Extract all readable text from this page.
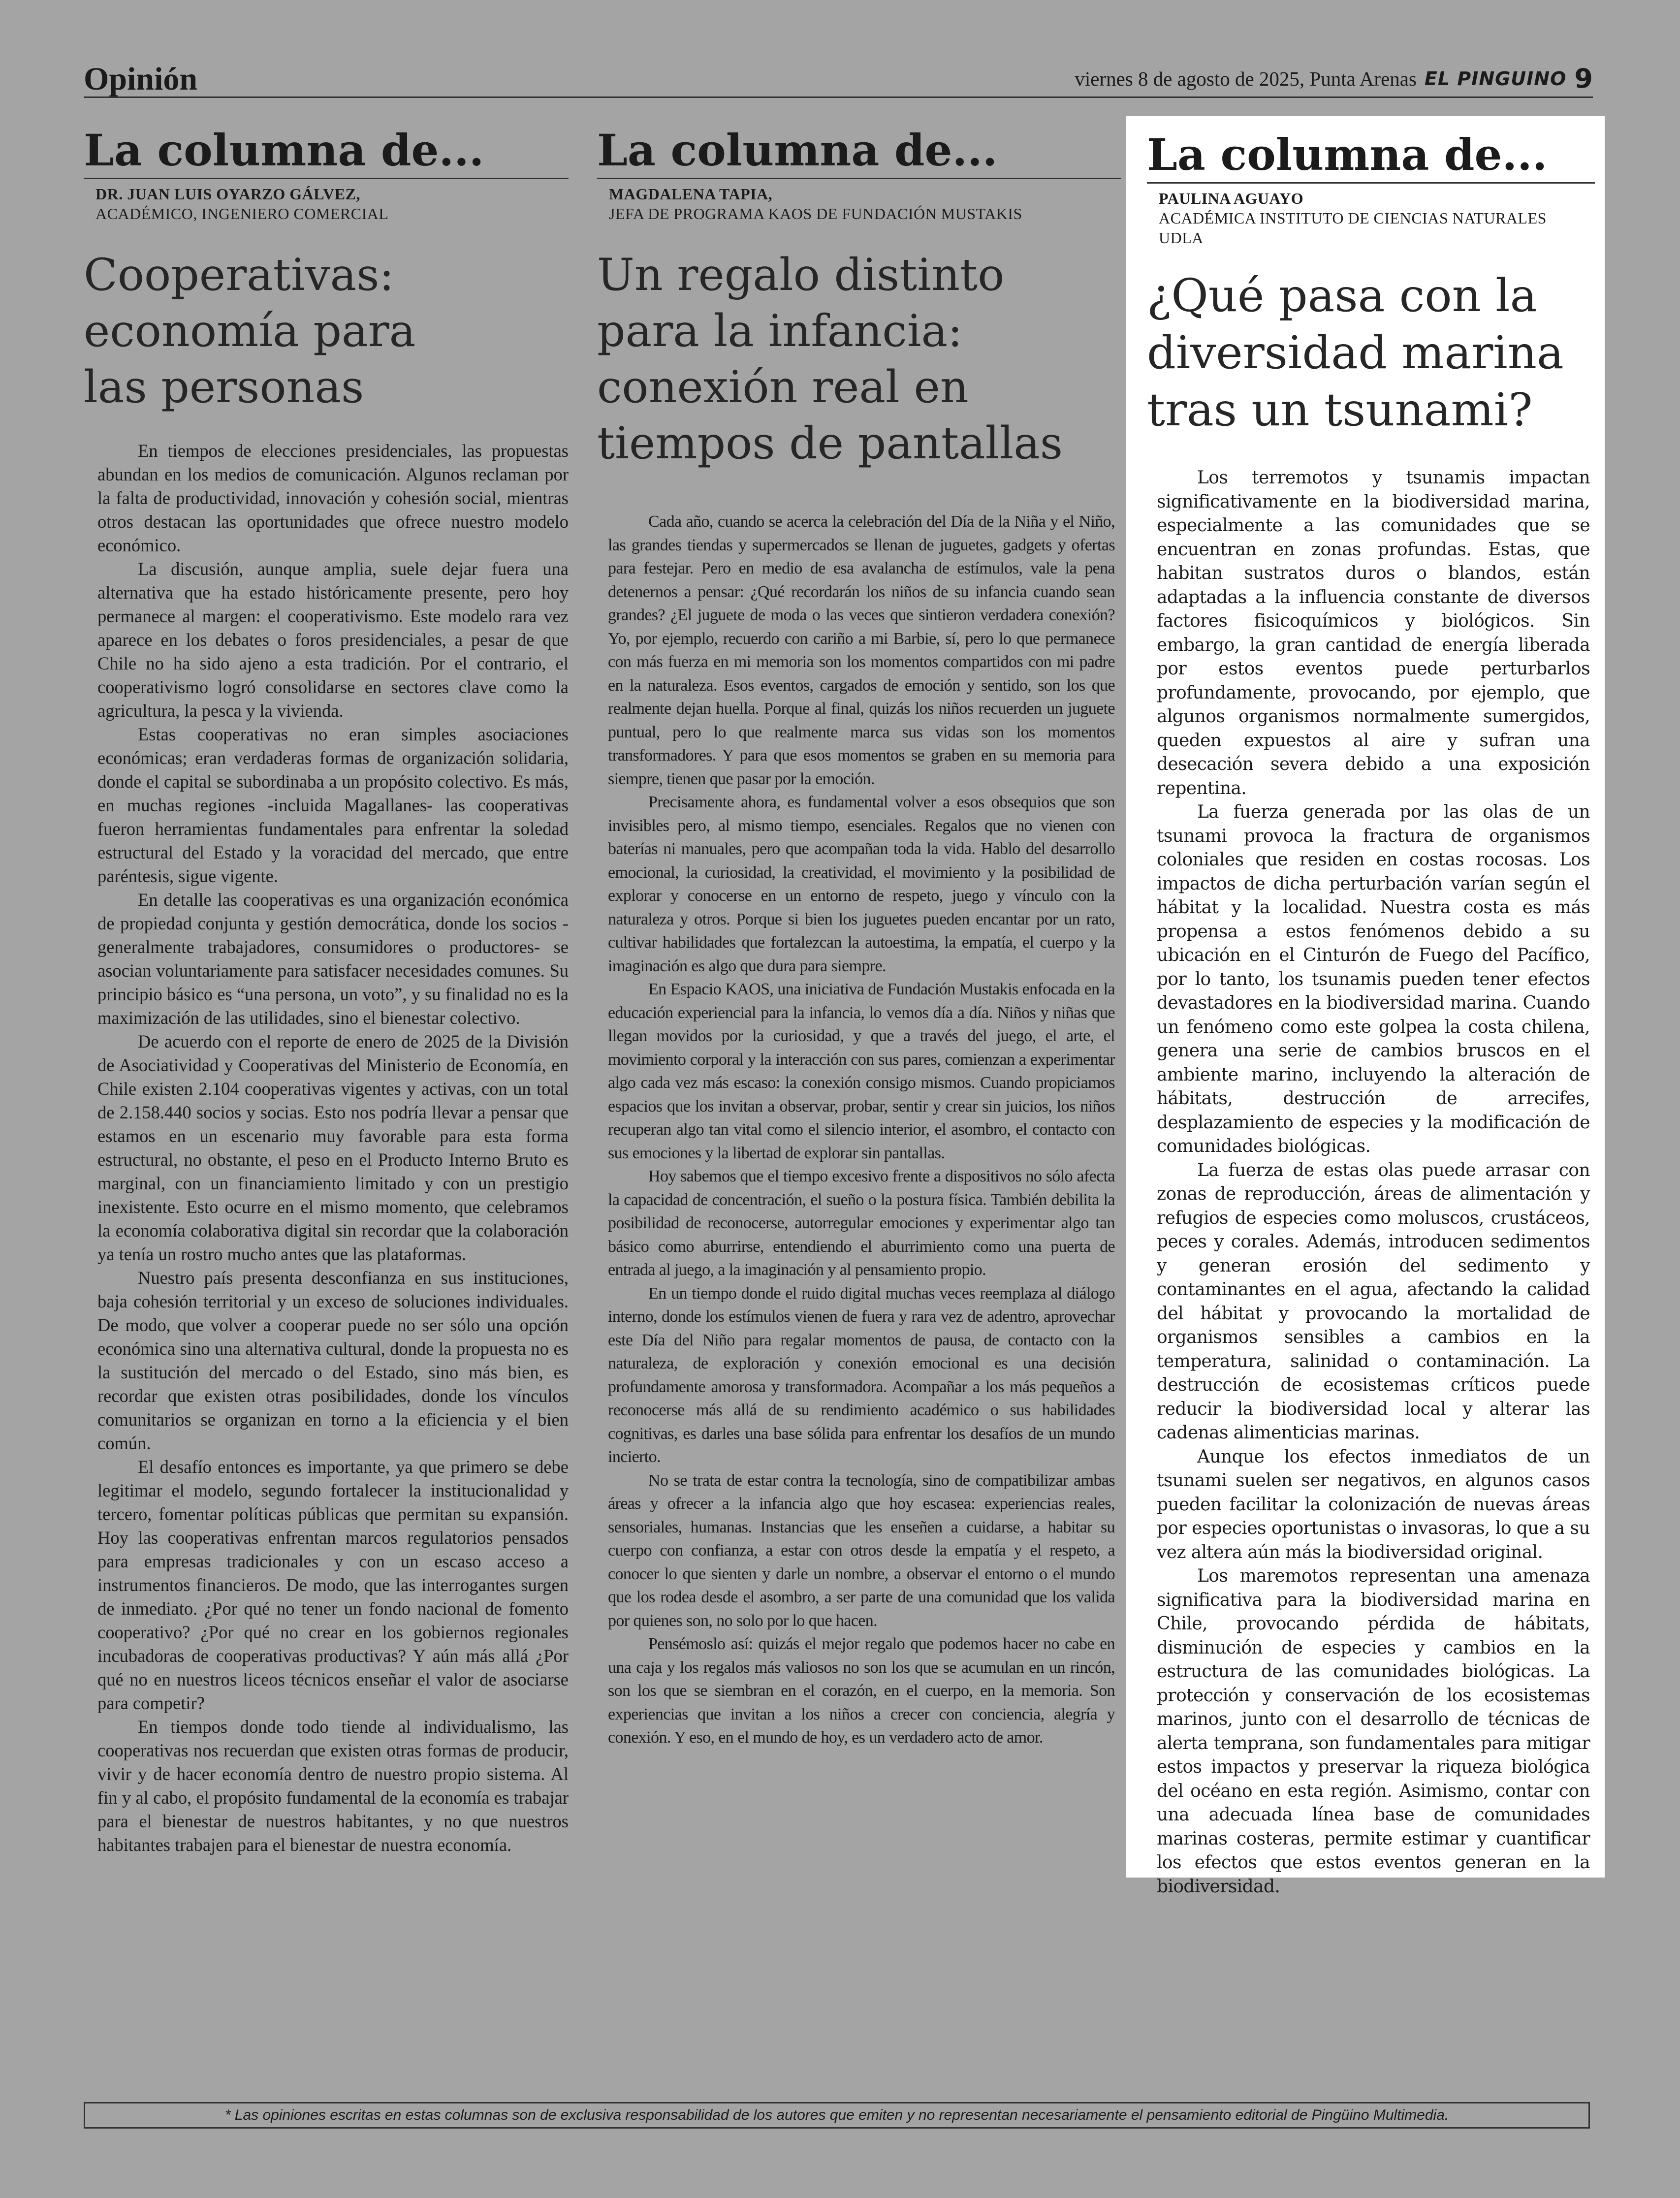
Opinión	viernes 8 de agosto de 2025, Punta Arenas EL PINGUINO 9
La columna de...
DR. JUAN LUIS OYARZO GÁLVEZ,
ACADÉMICO, INGENIERO COMERCIAL
Cooperativas: economía para las personas

En tiempos de elecciones presidenciales, las propuestas abundan en los medios de comunicación. Algunos reclaman por la falta de productividad, innovación y cohesión social, mientras otros destacan las oportunidades que ofrece nuestro modelo económico.

La discusión, aunque amplia, suele dejar fuera una alternativa que ha estado históricamente presente, pero hoy permanece al margen: el cooperativismo. Este modelo rara vez aparece en los debates o foros presidenciales, a pesar de que Chile no ha sido ajeno a esta tradición. Por el contrario, el cooperativismo logró consolidarse en sectores clave como la agricultura, la pesca y la vivienda.

Estas cooperativas no eran simples asociaciones económicas; eran verdaderas formas de organización solidaria, donde el capital se subordinaba a un propósito colectivo. Es más, en muchas regiones -incluida Magallanes- las cooperativas fueron herramientas fundamentales para enfrentar la soledad estructural del Estado y la voracidad del mercado, que entre paréntesis, sigue vigente.

En detalle las cooperativas es una organización económica de propiedad conjunta y gestión democrática, donde los socios -generalmente trabajadores, consumidores o productores- se asocian voluntariamente para satisfacer necesidades comunes. Su principio básico es “una persona, un voto”, y su finalidad no es la maximización de las utilidades, sino el bienestar colectivo.

De acuerdo con el reporte de enero de 2025 de la División de Asociatividad y Cooperativas del Ministerio de Economía, en Chile existen 2.104 cooperativas vigentes y activas, con un total de 2.158.440 socios y socias. Esto nos podría llevar a pensar que estamos en un escenario muy favorable para esta forma estructural, no obstante, el peso en el Producto Interno Bruto es marginal, con un financiamiento limitado y con un prestigio inexistente. Esto ocurre en el mismo momento, que celebramos la economía colaborativa digital sin recordar que la colaboración ya tenía un rostro mucho antes que las plataformas.

Nuestro país presenta desconfianza en sus instituciones, baja cohesión territorial y un exceso de soluciones individuales. De modo, que volver a cooperar puede no ser sólo una opción económica sino una alternativa cultural, donde la propuesta no es la sustitución del mercado o del Estado, sino más bien, es recordar que existen otras posibilidades, donde los vínculos comunitarios se organizan en torno a la eficiencia y el bien común.

El desafío entonces es importante, ya que primero se debe legitimar el modelo, segundo fortalecer la institucionalidad y tercero, fomentar políticas públicas que permitan su expansión. Hoy las cooperativas enfrentan marcos regulatorios pensados para empresas tradicionales y con un escaso acceso a instrumentos financieros. De modo, que las interrogantes surgen de inmediato. ¿Por qué no tener un fondo nacional de fomento cooperativo? ¿Por qué no crear en los gobiernos regionales incubadoras de cooperativas productivas? Y aún más allá ¿Por qué no en nuestros liceos técnicos enseñar el valor de asociarse para competir?

En tiempos donde todo tiende al individualismo, las cooperativas nos recuerdan que existen otras formas de producir, vivir y de hacer economía dentro de nuestro propio sistema. Al fin y al cabo, el propósito fundamental de la economía es trabajar para el bienestar de nuestros habitantes, y no que nuestros habitantes trabajen para el bienestar de nuestra economía.

La columna de...
MAGDALENA TAPIA,
JEFA DE PROGRAMA KAOS DE FUNDACIÓN MUSTAKIS
Un regalo distinto para la infancia: conexión real en tiempos de pantallas

Cada año, cuando se acerca la celebración del Día de la Niña y el Niño, las grandes tiendas y supermercados se llenan de juguetes, gadgets y ofertas para festejar. Pero en medio de esa avalancha de estímulos, vale la pena detenernos a pensar: ¿Qué recordarán los niños de su infancia cuando sean grandes? ¿El juguete de moda o las veces que sintieron verdadera conexión? Yo, por ejemplo, recuerdo con cariño a mi Barbie, sí, pero lo que permanece con más fuerza en mi memoria son los momentos compartidos con mi padre en la naturaleza. Esos eventos, cargados de emoción y sentido, son los que realmente dejan huella. Porque al final, quizás los niños recuerden un juguete puntual, pero lo que realmente marca sus vidas son los momentos transformadores. Y para que esos momentos se graben en su memoria para siempre, tienen que pasar por la emoción.

Precisamente ahora, es fundamental volver a esos obsequios que son invisibles pero, al mismo tiempo, esenciales. Regalos que no vienen con baterías ni manuales, pero que acompañan toda la vida. Hablo del desarrollo emocional, la curiosidad, la creatividad, el movimiento y la posibilidad de explorar y conocerse en un entorno de respeto, juego y vínculo con la naturaleza y otros. Porque si bien los juguetes pueden encantar por un rato, cultivar habilidades que fortalezcan la autoestima, la empatía, el cuerpo y la imaginación es algo que dura para siempre.

En Espacio KAOS, una iniciativa de Fundación Mustakis enfocada en la educación experiencial para la infancia, lo vemos día a día. Niños y niñas que llegan movidos por la curiosidad, y que a través del juego, el arte, el movimiento corporal y la interacción con sus pares, comienzan a experimentar algo cada vez más escaso: la conexión consigo mismos. Cuando propiciamos espacios que los invitan a observar, probar, sentir y crear sin juicios, los niños recuperan algo tan vital como el silencio interior, el asombro, el contacto con sus emociones y la libertad de explorar sin pantallas.

Hoy sabemos que el tiempo excesivo frente a dispositivos no sólo afecta la capacidad de concentración, el sueño o la postura física. También debilita la posibilidad de reconocerse, autorregular emociones y experimentar algo tan básico como aburrirse, entendiendo el aburrimiento como una puerta de entrada al juego, a la imaginación y al pensamiento propio.

En un tiempo donde el ruido digital muchas veces reemplaza al diálogo interno, donde los estímulos vienen de fuera y rara vez de adentro, aprovechar este Día del Niño para regalar momentos de pausa, de contacto con la naturaleza, de exploración y conexión emocional es una decisión profundamente amorosa y transformadora. Acompañar a los más pequeños a reconocerse más allá de su rendimiento académico o sus habilidades cognitivas, es darles una base sólida para enfrentar los desafíos de un mundo incierto.

No se trata de estar contra la tecnología, sino de compatibilizar ambas áreas y ofrecer a la infancia algo que hoy escasea: experiencias reales, sensoriales, humanas. Instancias que les enseñen a cuidarse, a habitar su cuerpo con confianza, a estar con otros desde la empatía y el respeto, a conocer lo que sienten y darle un nombre, a observar el entorno o el mundo que los rodea desde el asombro, a ser parte de una comunidad que los valida por quienes son, no solo por lo que hacen.

Pensémoslo así: quizás el mejor regalo que podemos hacer no cabe en una caja y los regalos más valiosos no son los que se acumulan en un rincón, son los que se siembran en el corazón, en el cuerpo, en la memoria. Son experiencias que invitan a los niños a crecer con conciencia, alegría y conexión. Y eso, en el mundo de hoy, es un verdadero acto de amor.

La columna de...
PAULINA AGUAYO
ACADÉMICA INSTITUTO DE CIENCIAS NATURALES UDLA
¿Qué pasa con la diversidad marina tras un tsunami?

Los terremotos y tsunamis impactan significativamente en la biodiversidad marina, especialmente a las comunidades que se encuentran en zonas profundas. Estas, que habitan sustratos duros o blandos, están adaptadas a la influencia constante de diversos factores fisicoquímicos y biológicos. Sin embargo, la gran cantidad de energía liberada por estos eventos puede perturbarlos profundamente, provocando, por ejemplo, que algunos organismos normalmente sumergidos, queden expuestos al aire y sufran una desecación severa debido a una exposición repentina.

La fuerza generada por las olas de un tsunami provoca la fractura de organismos coloniales que residen en costas rocosas. Los impactos de dicha perturbación varían según el hábitat y la localidad. Nuestra costa es más propensa a estos fenómenos debido a su ubicación en el Cinturón de Fuego del Pacífico, por lo tanto, los tsunamis pueden tener efectos devastadores en la biodiversidad marina. Cuando un fenómeno como este golpea la costa chilena, genera una serie de cambios bruscos en el ambiente marino, incluyendo la alteración de hábitats, destrucción de arrecifes, desplazamiento de especies y la modificación de comunidades biológicas.

La fuerza de estas olas puede arrasar con zonas de reproducción, áreas de alimentación y refugios de especies como moluscos, crustáceos, peces y corales. Además, introducen sedimentos y generan erosión del sedimento y contaminantes en el agua, afectando la calidad del hábitat y provocando la mortalidad de organismos sensibles a cambios en la temperatura, salinidad o contaminación. La destrucción de ecosistemas críticos puede reducir la biodiversidad local y alterar las cadenas alimenticias marinas.

Aunque los efectos inmediatos de un tsunami suelen ser negativos, en algunos casos pueden facilitar la colonización de nuevas áreas por especies oportunistas o invasoras, lo que a su vez altera aún más la biodiversidad original.

Los maremotos representan una amenaza significativa para la biodiversidad marina en Chile, provocando pérdida de hábitats, disminución de especies y cambios en la estructura de las comunidades biológicas. La protección y conservación de los ecosistemas marinos, junto con el desarrollo de técnicas de alerta temprana, son fundamentales para mitigar estos impactos y preservar la riqueza biológica del océano en esta región. Asimismo, contar con una adecuada línea base de comunidades marinas costeras, permite estimar y cuantificar los efectos que estos eventos generan en la biodiversidad.

* Las opiniones escritas en estas columnas son de exclusiva responsabilidad de los autores que emiten y no representan necesariamente el pensamiento editorial de Pingüino Multimedia.
